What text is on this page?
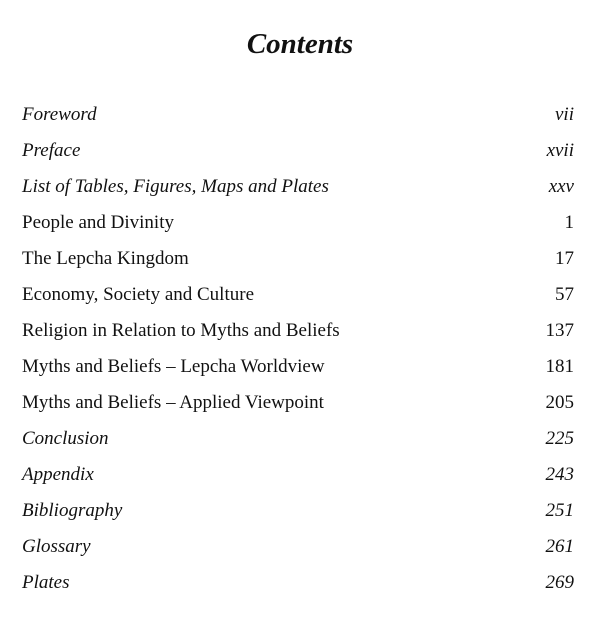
Contents
Foreword	vii
Preface	xvii
List of Tables, Figures, Maps and Plates	xxv
People and Divinity	1
The Lepcha Kingdom	17
Economy, Society and Culture	57
Religion in Relation to Myths and Beliefs	137
Myths and Beliefs – Lepcha Worldview	181
Myths and Beliefs – Applied Viewpoint	205
Conclusion	225
Appendix	243
Bibliography	251
Glossary	261
Plates	269
